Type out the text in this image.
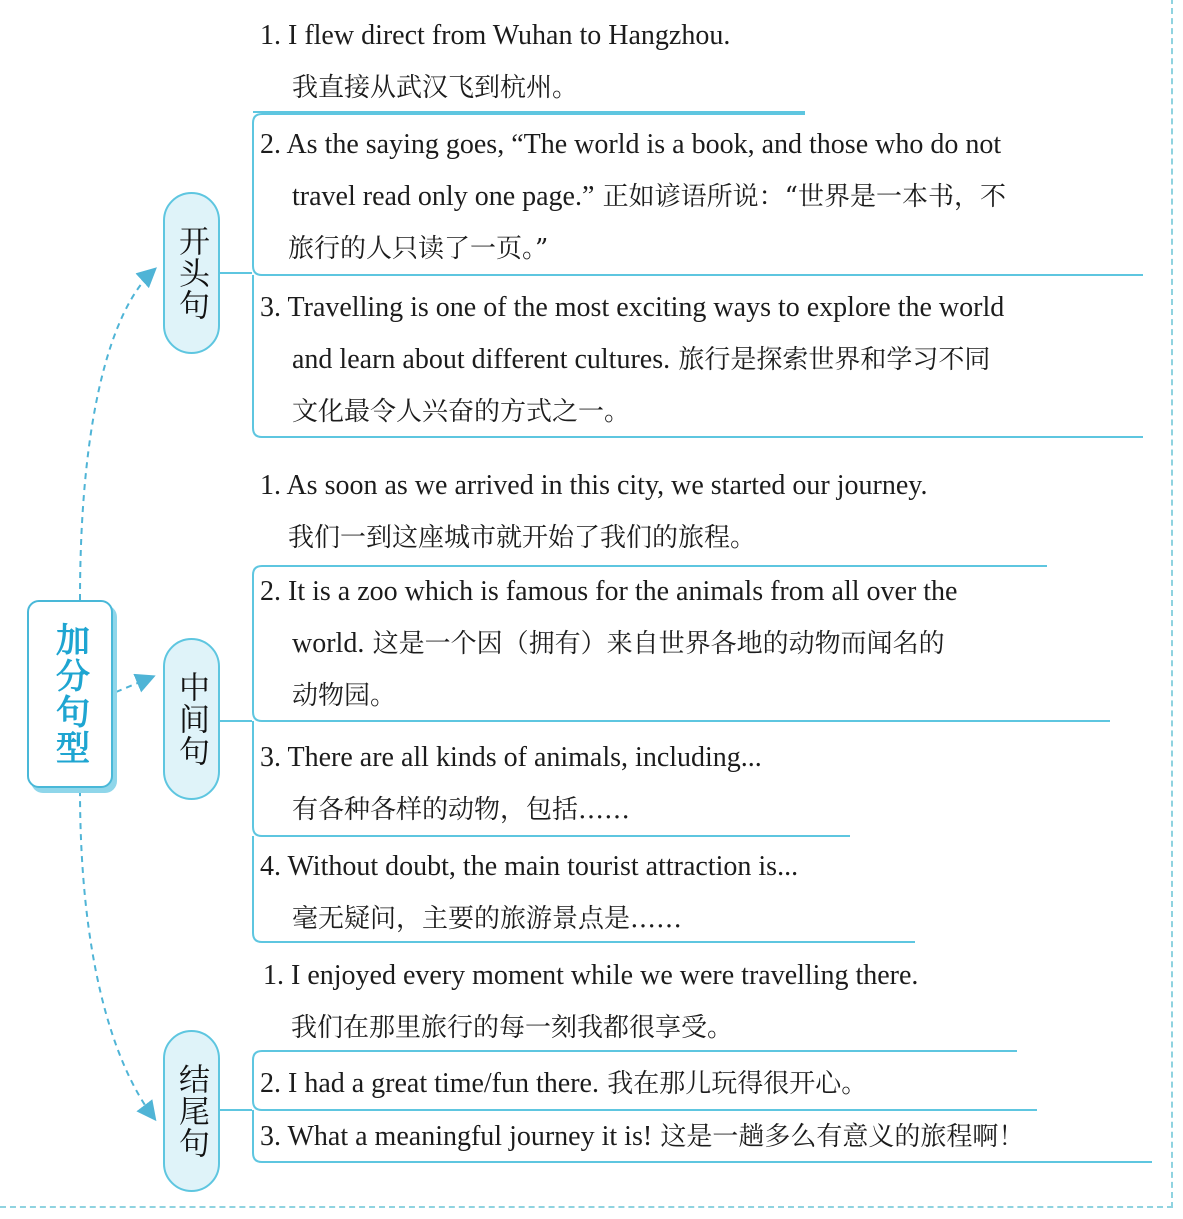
加分句型
开头句
中间句
结尾句
1. I flew direct from Wuhan to Hangzhou.
我直接从武汉飞到杭州。
2. As the saying goes, “The world is a book, and those who do not
travel read only one page.” 正如谚语所说：“世界是一本书，不
旅行的人只读了一页。”
3. Travelling is one of the most exciting ways to explore the world
and learn about different cultures. 旅行是探索世界和学习不同
文化最令人兴奋的方式之一。
1. As soon as we arrived in this city, we started our journey.
我们一到这座城市就开始了我们的旅程。
2. It is a zoo which is famous for the animals from all over the
world. 这是一个因（拥有）来自世界各地的动物而闻名的
动物园。
3. There are all kinds of animals, including...
有各种各样的动物，包括……
4. Without doubt, the main tourist attraction is...
毫无疑问，主要的旅游景点是……
1. I enjoyed every moment while we were travelling there.
我们在那里旅行的每一刻我都很享受。
2. I had a great time/fun there. 我在那儿玩得很开心。
3. What a meaningful journey it is! 这是一趟多么有意义的旅程啊！
